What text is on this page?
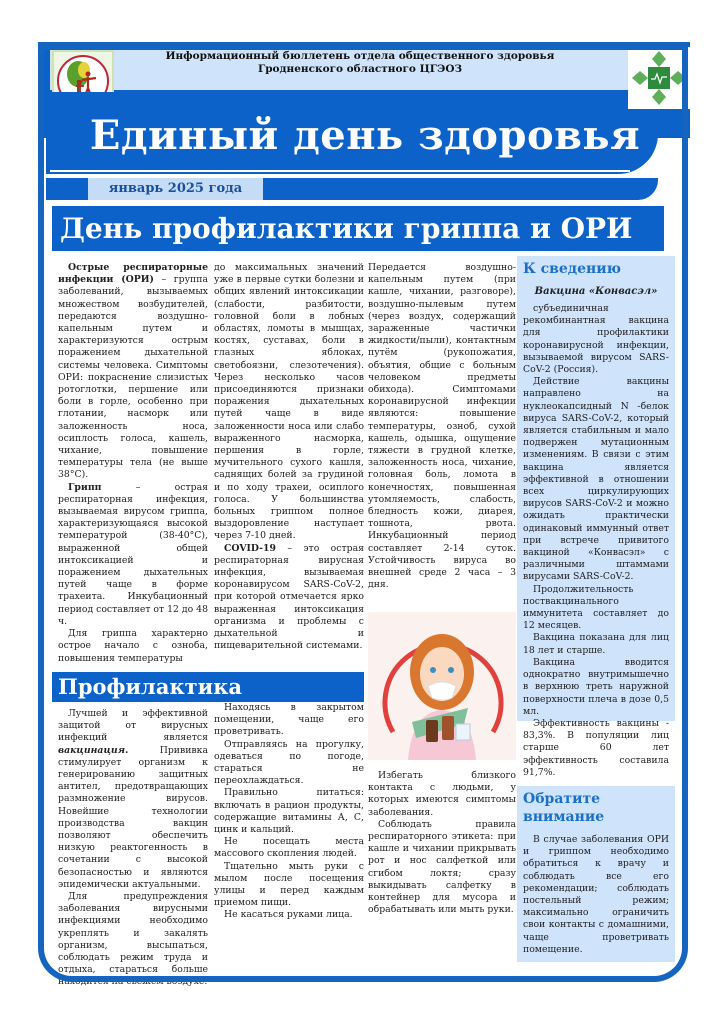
Информационный бюллетень отдела общественного здоровья
Гродненского областного ЦГЭОЗ
Единый день здоровья
январь 2025 года
День профилактики гриппа и ОРИ

Острые респираторные инфекции (ОРИ) – группа заболеваний, вызываемых множеством возбудителей, передаются воздушно-капельным путем и характеризуются острым поражением дыхательной системы человека. Симптомы ОРИ: покраснение слизистых ротоглотки, першение или боли в горле, особенно при глотании, насморк или заложенность носа, осиплость голоса, кашель, чихание, повышение температуры тела (не выше 38°С).

Грипп – острая респираторная инфекция, вызываемая вирусом гриппа, характеризующаяся высокой температурой (38-40°С), выраженной общей интоксикацией и поражением дыхательных путей чаще в форме трахеита. Инкубационный период составляет от 12 до 48 ч.

Для гриппа характерно острое начало с озноба, повышения температуры

до максимальных значений уже в первые сутки болезни и общих явлений интоксикации (слабости, разбитости, головной боли в лобных областях, ломоты в мышцах, костях, суставах, боли в глазных яблоках, светобоязни, слезотечения). Через несколько часов присоединяются признаки поражения дыхательных путей чаще в виде заложенности носа или слабо выраженного насморка, першения в горле, мучительного сухого кашля, саднящих болей за грудиной и по ходу трахеи, осиплого голоса. У большинства больных гриппом полное выздоровление наступает через 7-10 дней.

COVID-19 – это острая респираторная вирусная инфекция, вызываемая коронавирусом SARS-CoV-2, при которой отмечается ярко выраженная интоксикация организма и проблемы с дыхательной и пищеварительной системами.

Передается воздушно-капельным путем (при кашле, чихании, разговоре), воздушно-пылевым путем (через воздух, содержащий зараженные частички жидкости/пыли), контактным путём (рукопожатия, объятия, общие с больным человеком предметы обихода). Симптомами коронавирусной инфекции являются: повышение температуры, озноб, сухой кашель, одышка, ощущение тяжести в грудной клетке, заложенность носа, чихание, головная боль, ломота в конечностях, повышенная утомляемость, слабость, бледность кожи, диарея, тошнота, рвота. Инкубационный период составляет 2-14 суток. Устойчивость вируса во внешней среде 2 часа – 3 дня.

К сведению
Вакцина «Конвасэл»

субъединичная рекомбинантная вакцина для профилактики коронавирусной инфекции, вызываемой вирусом SARS-CoV-2 (Россия).

Действие вакцины направлено на нуклеокапсидный N -белок вируса SARS-CoV-2, который является стабильным и мало подвержен мутационным изменениям. В связи с этим вакцина является эффективной в отношении всех циркулирующих вирусов SARS-CoV-2 и можно ожидать практически одинаковый иммунный ответ при встрече привитого вакциной «Конвасэл» с различными штаммами вирусами SARS-CoV-2.

Продолжительность поствакцинального иммунитета составляет до 12 месяцев.

Вакцина показана для лиц 18 лет и старше.

Вакцина вводится однократно внутримышечно в верхнюю треть наружной поверхности плеча в дозе 0,5 мл.

Эффективность вакцины - 83,3%. В популяции лиц старше 60 лет эффективность составила 91,7%.

Профилактика

Лучшей и эффективной защитой от вирусных инфекций является вакцинация. Прививка стимулирует организм к генерированию защитных антител, предотвращающих размножение вирусов. Новейшие технологии производства вакцин позволяют обеспечить низкую реактогенность в сочетании с высокой безопасностью и являются эпидемически актуальными.

Для предупреждения заболевания вирусными инфекциями необходимо укреплять и закалять организм, высыпаться, соблюдать режим труда и отдыха, стараться больше находится на свежем воздухе.

Находясь в закрытом помещении, чаще его проветривать.

Отправляясь на прогулку, одеваться по погоде, стараться не переохлаждаться.

Правильно питаться: включать в рацион продукты, содержащие витамины А, С, цинк и кальций.

Не посещать места массового скопления людей.

Тщательно мыть руки с мылом после посещения улицы и перед каждым приемом пищи.

Не касаться руками лица.

Избегать близкого контакта с людьми, у которых имеются симптомы заболевания.

Соблюдать правила респираторного этикета: при кашле и чихании прикрывать рот и нос салфеткой или сгибом локтя; сразу выкидывать салфетку в контейнер для мусора и обрабатывать или мыть руки.

Обратите внимание

В случае заболевания ОРИ и гриппом необходимо обратиться к врачу и соблюдать все его рекомендации; соблюдать постельный режим; максимально ограничить свои контакты с домашними, чаще проветривать помещение.
